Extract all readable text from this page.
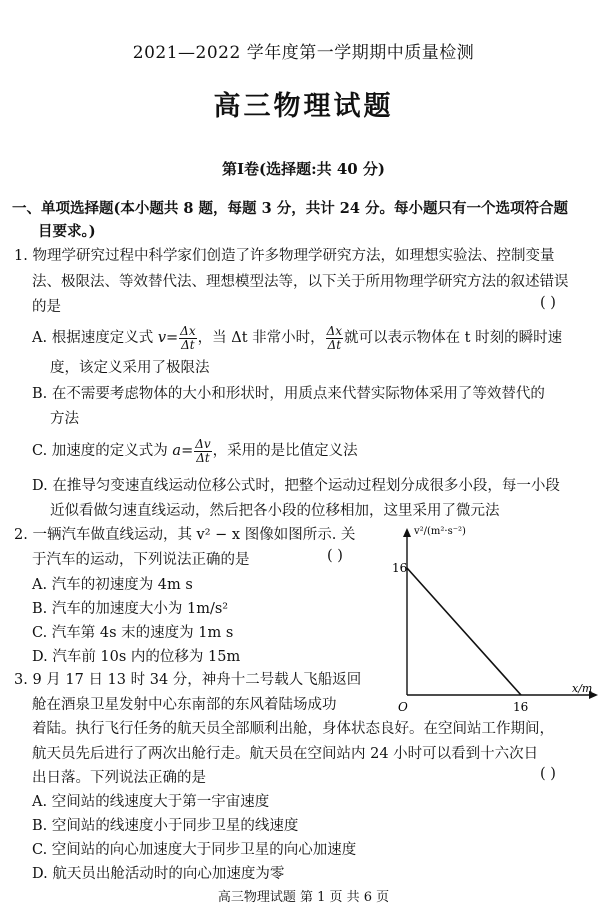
2021—2022 学年度第一学期期中质量检测
高三物理试题
第Ⅰ卷(选择题:共 40 分)
一、单项选择题(本小题共 8 题，每题 3 分，共计 24 分。每小题只有一个选项符合题
目要求。)
1. 物理学研究过程中科学家们创造了许多物理学研究方法，如理想实验法、控制变量
法、极限法、等效替代法、理想模型法等，以下关于所用物理学研究方法的叙述错误
的是	( )
A. 根据速度定义式 $v= \frac{\Delta x}{\Delta t}$ ，当 Δt 非常小时， $\frac{\Delta x}{\Delta t}$ 就可以表示物体在 t 时刻的瞬时速
度，该定义采用了极限法
B. 在不需要考虑物体的大小和形状时，用质点来代替实际物体采用了等效替代的
方法
C. 加速度的定义式为 $a= \frac{\Delta v}{\Delta t}$ ，采用的是比值定义法
D. 在推导匀变速直线运动位移公式时，把整个运动过程划分成很多小段，每一小段
近似看做匀速直线运动，然后把各小段的位移相加，这里采用了微元法
2. 一辆汽车做直线运动，其 v² − x 图像如图所示. 关
于汽车的运动，下列说法正确的是	( )
A. 汽车的初速度为 4m s
B. 汽车的加速度大小为 1m/s²
C. 汽车第 4s 末的速度为 1m s
D. 汽车前 10s 内的位移为 15m
v²/(m²·s⁻²)
x/m
O
16
16
3. 9 月 17 日 13 时 34 分，神舟十二号载人飞船返回
舱在酒泉卫星发射中心东南部的东风着陆场成功
着陆。执行飞行任务的航天员全部顺利出舱，身体状态良好。在空间站工作期间，
航天员先后进行了两次出舱行走。航天员在空间站内 24 小时可以看到十六次日
出日落。下列说法正确的是	( )
A. 空间站的线速度大于第一宇宙速度
B. 空间站的线速度小于同步卫星的线速度
C. 空间站的向心加速度大于同步卫星的向心加速度
D. 航天员出舱活动时的向心加速度为零
高三物理试题 第 1 页 共 6 页
